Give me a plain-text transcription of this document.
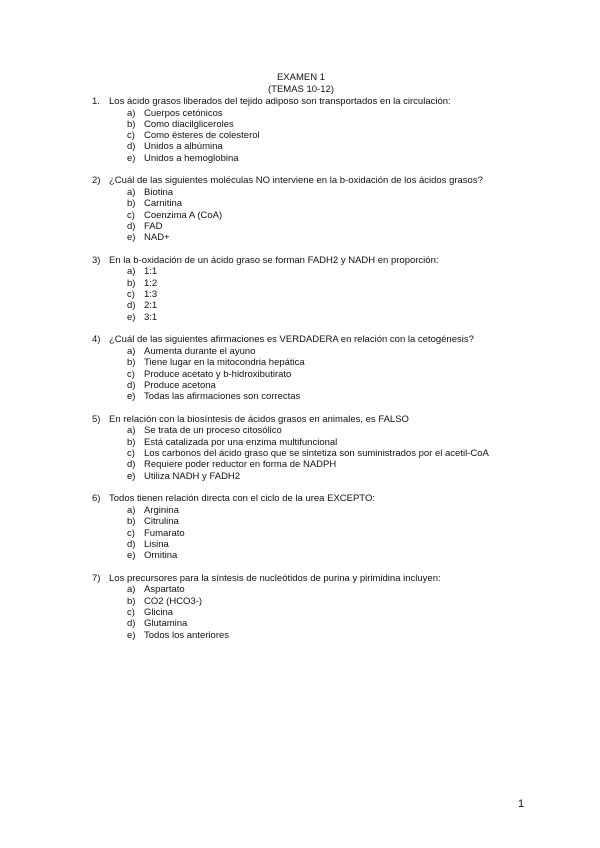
EXAMEN 1
(TEMAS 10-12)
1. Los ácido grasos liberados del tejido adiposo son transportados en la circulación:
a) Cuerpos cetónicos
b) Como diacilgliceroles
c) Como ésteres de colesterol
d) Unidos a albúmina
e) Unidos a hemoglobina
2) ¿Cuál de las siguientes moléculas NO interviene en la b-oxidación de los ácidos grasos?
a) Biotina
b) Carnitina
c) Coenzima A (CoA)
d) FAD
e) NAD+
3) En la b-oxidación de un ácido graso se forman FADH2 y NADH en proporción:
a) 1:1
b) 1:2
c) 1:3
d) 2:1
e) 3:1
4) ¿Cuál de las siguientes afirmaciones es VERDADERA en relación con la cetogénesis?
a) Aumenta durante el ayuno
b) Tiene lugar en la mitocondria hepática
c) Produce acetato y b-hidroxibutirato
d) Produce acetona
e) Todas las afirmaciones son correctas
5) En relación con la biosíntesis de ácidos grasos en animales, es FALSO
a) Se trata de un proceso citosólico
b) Está catalizada por una enzima multifuncional
c) Los carbonos del ácido graso que se sintetiza son suministrados por el acetil-CoA
d) Requiere poder reductor en forma de NADPH
e) Utiliza NADH y FADH2
6) Todos tienen relación directa con el ciclo de la urea EXCEPTO:
a) Arginina
b) Citrulina
c) Fumarato
d) Lisina
e) Ornitina
7) Los precursores para la síntesis de nucleótidos de purina y pirimidina incluyen:
a) Aspartato
b) CO2 (HCO3-)
c) Glicina
d) Glutamina
e) Todos los anteriores
1
